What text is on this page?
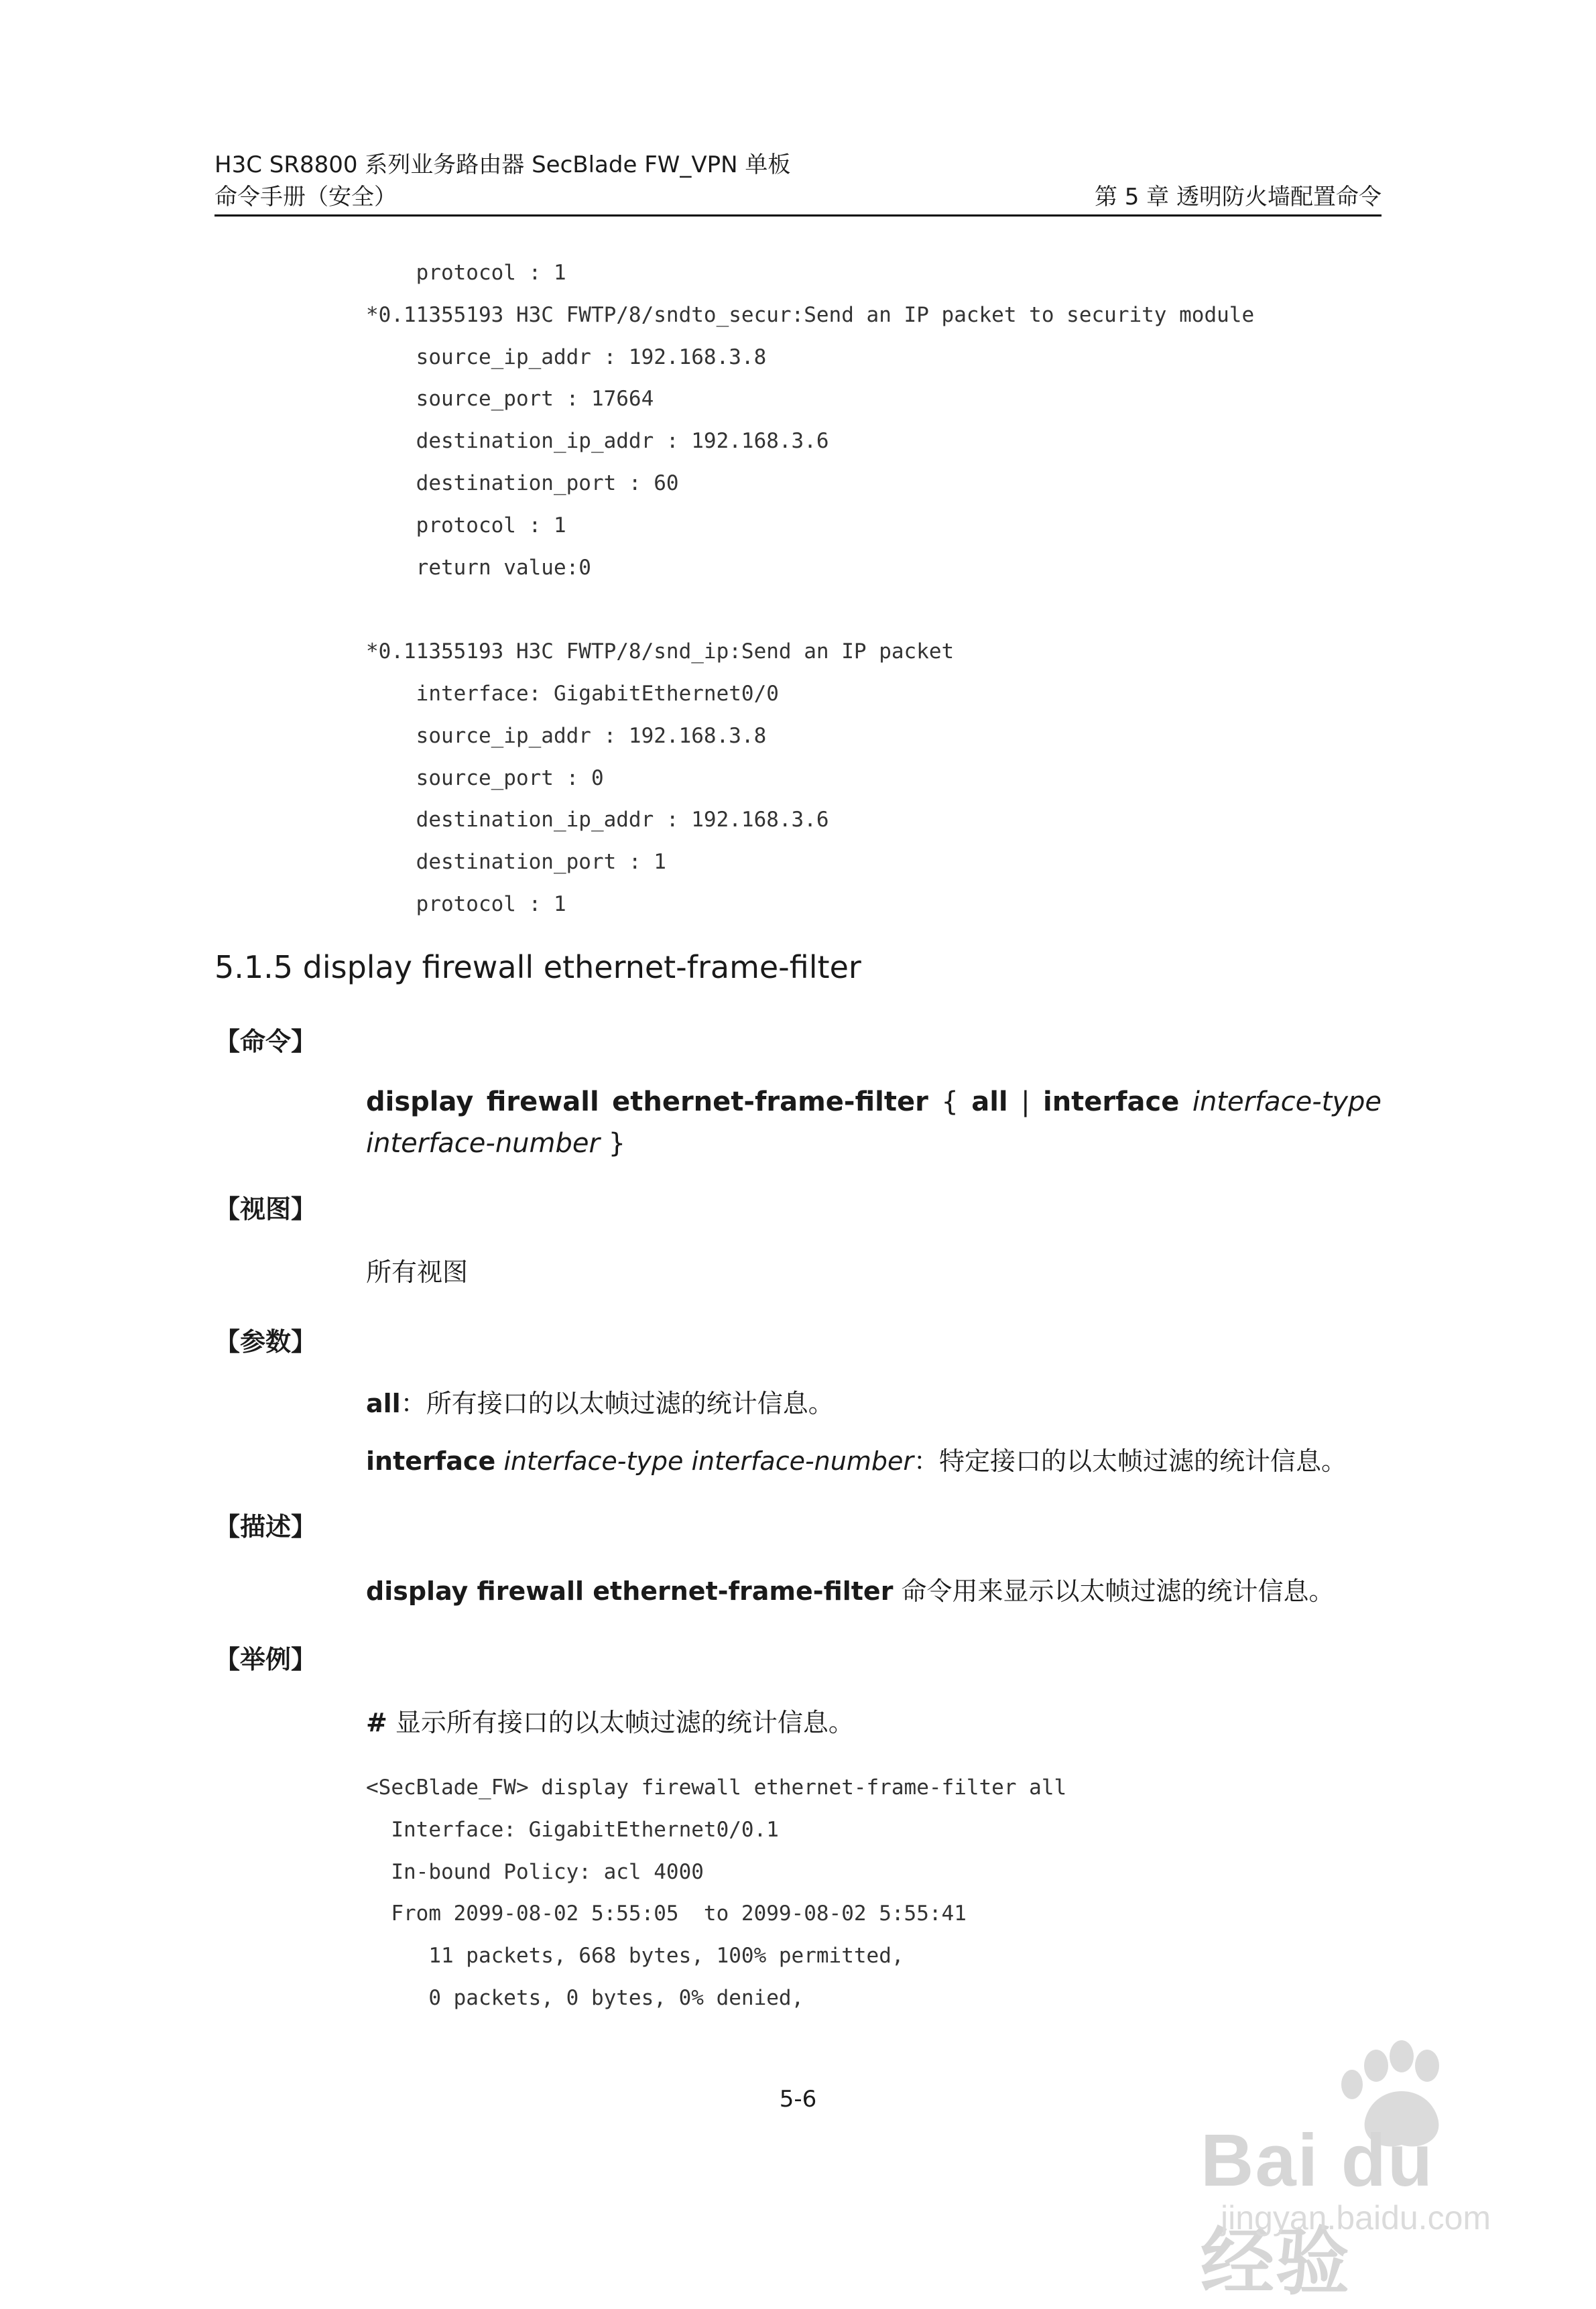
H3C SR8800 系列业务路由器 SecBlade FW_VPN 单板
命令手册（安全）	第 5 章 透明防火墙配置命令
protocol : 1
*0.11355193 H3C FWTP/8/sndto_secur:Send an IP packet to security module
source_ip_addr : 192.168.3.8
source_port : 17664
destination_ip_addr : 192.168.3.6
destination_port : 60
protocol : 1
return value:0

*0.11355193 H3C FWTP/8/snd_ip:Send an IP packet
interface: GigabitEthernet0/0
source_ip_addr : 192.168.3.8
source_port : 0
destination_ip_addr : 192.168.3.6
destination_port : 1
protocol : 1
5.1.5 display firewall ethernet-frame-filter
【命令】
display firewall ethernet-frame-filter { all | interface interface-type
interface-number }
【视图】
所有视图
【参数】
all：所有接口的以太帧过滤的统计信息。
interface interface-type interface-number：特定接口的以太帧过滤的统计信息。
【描述】
display firewall ethernet-frame-filter 命令用来显示以太帧过滤的统计信息。
【举例】
# 显示所有接口的以太帧过滤的统计信息。
<SecBlade_FW> display firewall ethernet-frame-filter all
Interface: GigabitEthernet0/0.1
In-bound Policy: acl 4000
From 2099-08-02 5:55:05  to 2099-08-02 5:55:41
11 packets, 668 bytes, 100% permitted,
0 packets, 0 bytes, 0% denied,
5-6
Bai du 经验
jingyan.baidu.com
